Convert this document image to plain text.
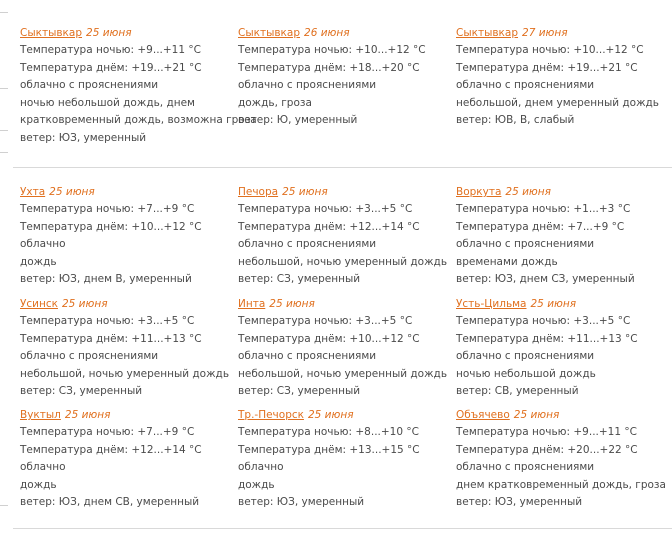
Сыктывкар 25 июня
Температура ночью: +9...+11 °C
Температура днём: +19...+21 °C
облачно с прояснениями
ночью небольшой дождь, днем
кратковременный дождь, возможна гроза
ветер: ЮЗ, умеренный
Сыктывкар 26 июня
Температура ночью: +10...+12 °C
Температура днём: +18...+20 °C
облачно с прояснениями
дождь, гроза
ветер: Ю, умеренный
Сыктывкар 27 июня
Температура ночью: +10...+12 °C
Температура днём: +19...+21 °C
облачно с прояснениями
небольшой, днем умеренный дождь
ветер: ЮВ, В, слабый
Ухта 25 июня
Температура ночью: +7...+9 °C
Температура днём: +10...+12 °C
облачно
дождь
ветер: ЮЗ, днем В, умеренный
Печора 25 июня
Температура ночью: +3...+5 °C
Температура днём: +12...+14 °C
облачно с прояснениями
небольшой, ночью умеренный дождь
ветер: СЗ, умеренный
Воркута 25 июня
Температура ночью: +1...+3 °C
Температура днём: +7...+9 °C
облачно с прояснениями
временами дождь
ветер: ЮЗ, днем СЗ, умеренный
Усинск 25 июня
Температура ночью: +3...+5 °C
Температура днём: +11...+13 °C
облачно с прояснениями
небольшой, ночью умеренный дождь
ветер: СЗ, умеренный
Инта 25 июня
Температура ночью: +3...+5 °C
Температура днём: +10...+12 °C
облачно с прояснениями
небольшой, ночью умеренный дождь
ветер: СЗ, умеренный
Усть-Цильма 25 июня
Температура ночью: +3...+5 °C
Температура днём: +11...+13 °C
облачно с прояснениями
ночью небольшой дождь
ветер: СВ, умеренный
Вуктыл 25 июня
Температура ночью: +7...+9 °C
Температура днём: +12...+14 °C
облачно
дождь
ветер: ЮЗ, днем СВ, умеренный
Тр.-Печорск 25 июня
Температура ночью: +8...+10 °C
Температура днём: +13...+15 °C
облачно
дождь
ветер: ЮЗ, умеренный
Объячево 25 июня
Температура ночью: +9...+11 °C
Температура днём: +20...+22 °C
облачно с прояснениями
днем кратковременный дождь, гроза
ветер: ЮЗ, умеренный
